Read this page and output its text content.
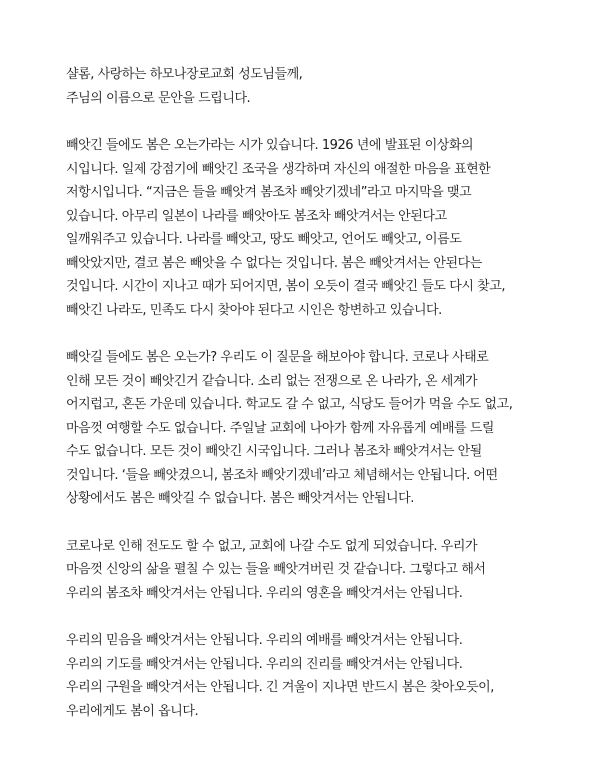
샬롬, 사랑하는 하모나장로교회 성도님들께,
주님의 이름으로 문안을 드립니다.
빼앗긴 들에도 봄은 오는가라는 시가 있습니다. 1926 년에 발표된 이상화의
시입니다. 일제 강점기에 빼앗긴 조국을 생각하며 자신의 애절한 마음을 표현한
저항시입니다. “지금은 들을 빼앗겨 봄조차 빼앗기겠네”라고 마지막을 맺고
있습니다. 아무리 일본이 나라를 빼앗아도 봄조차 빼앗겨서는 안된다고
일깨워주고 있습니다. 나라를 빼앗고, 땅도 빼앗고, 언어도 빼앗고, 이름도
빼앗았지만, 결코 봄은 빼앗을 수 없다는 것입니다. 봄은 빼앗겨서는 안된다는
것입니다. 시간이 지나고 때가 되어지면, 봄이 오듯이 결국 빼앗긴 들도 다시 찾고,
빼앗긴 나라도, 민족도 다시 찾아야 된다고 시인은 항변하고 있습니다.
빼앗길 들에도 봄은 오는가? 우리도 이 질문을 해보아야 합니다. 코로나 사태로
인해 모든 것이 빼앗긴거 같습니다. 소리 없는 전쟁으로 온 나라가, 온 세계가
어지럽고, 혼돈 가운데 있습니다. 학교도 갈 수 없고, 식당도 들어가 먹을 수도 없고,
마음껏 여행할 수도 없습니다. 주일날 교회에 나아가 함께 자유롭게 예배를 드릴
수도 없습니다. 모든 것이 빼앗긴 시국입니다. 그러나 봄조차 빼앗겨서는 안될
것입니다. ‘들을 빼앗겼으니, 봄조차 빼앗기겠네’라고 체념해서는 안됩니다. 어떤
상황에서도 봄은 빼앗길 수 없습니다. 봄은 빼앗겨서는 안됩니다.
코로나로 인해 전도도 할 수 없고, 교회에 나갈 수도 없게 되었습니다. 우리가
마음껏 신앙의 삶을 펼칠 수 있는 들을 빼앗겨버린 것 같습니다. 그렇다고 해서
우리의 봄조차 빼앗겨서는 안됩니다. 우리의 영혼을 빼앗겨서는 안됩니다.
우리의 믿음을 빼앗겨서는 안됩니다. 우리의 예배를 빼앗겨서는 안됩니다.
우리의 기도를 빼앗겨서는 안됩니다. 우리의 진리를 빼앗겨서는 안됩니다.
우리의 구원을 빼앗겨서는 안됩니다. 긴 겨울이 지나면 반드시 봄은 찾아오듯이,
우리에게도 봄이 옵니다.
